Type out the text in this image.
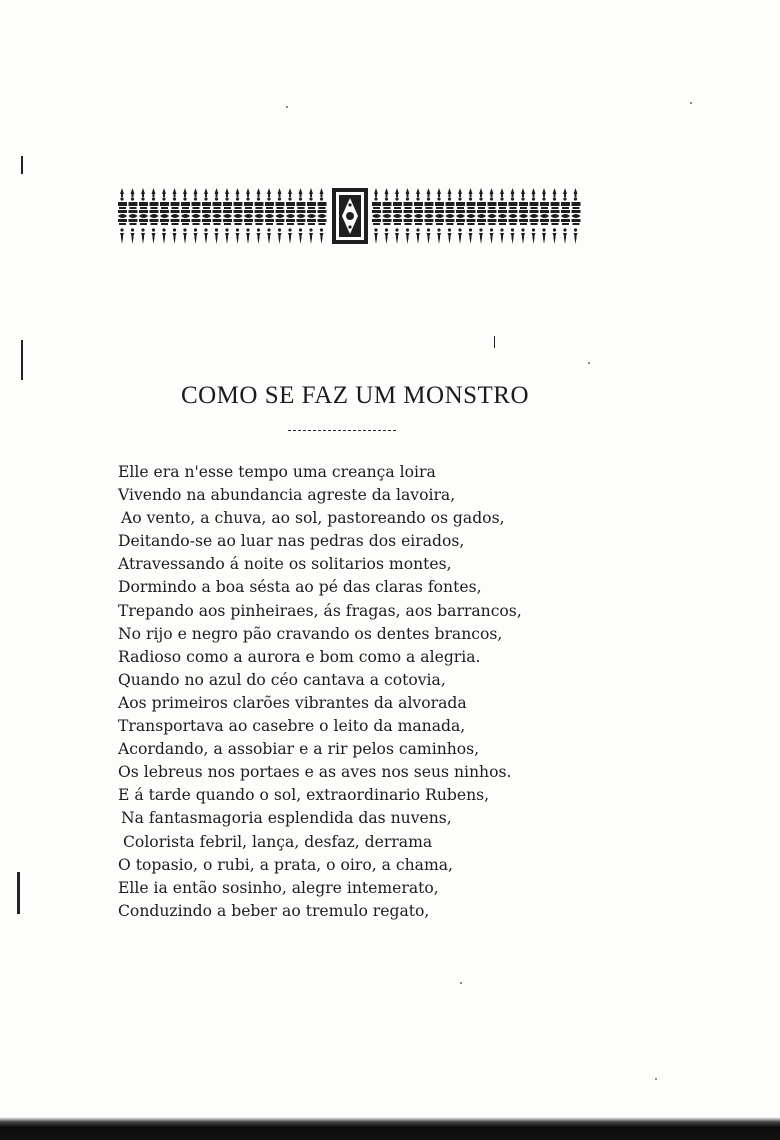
COMO SE FAZ UM MONSTRO
Elle era n'esse tempo uma creança loira
Vivendo na abundancia agreste da lavoira,
Ao vento, a chuva, ao sol, pastoreando os gados,
Deitando-se ao luar nas pedras dos eirados,
Atravessando á noite os solitarios montes,
Dormindo a boa sésta ao pé das claras fontes,
Trepando aos pinheiraes, ás fragas, aos barrancos,
No rijo e negro pão cravando os dentes brancos,
Radioso como a aurora e bom como a alegria.
Quando no azul do céo cantava a cotovia,
Aos primeiros clarões vibrantes da alvorada
Transportava ao casebre o leito da manada,
Acordando, a assobiar e a rir pelos caminhos,
Os lebreus nos portaes e as aves nos seus ninhos.
E á tarde quando o sol, extraordinario Rubens,
Na fantasmagoria esplendida das nuvens,
Colorista febril, lança, desfaz, derrama
O topasio, o rubi, a prata, o oiro, a chama,
Elle ia então sosinho, alegre intemerato,
Conduzindo a beber ao tremulo regato,
